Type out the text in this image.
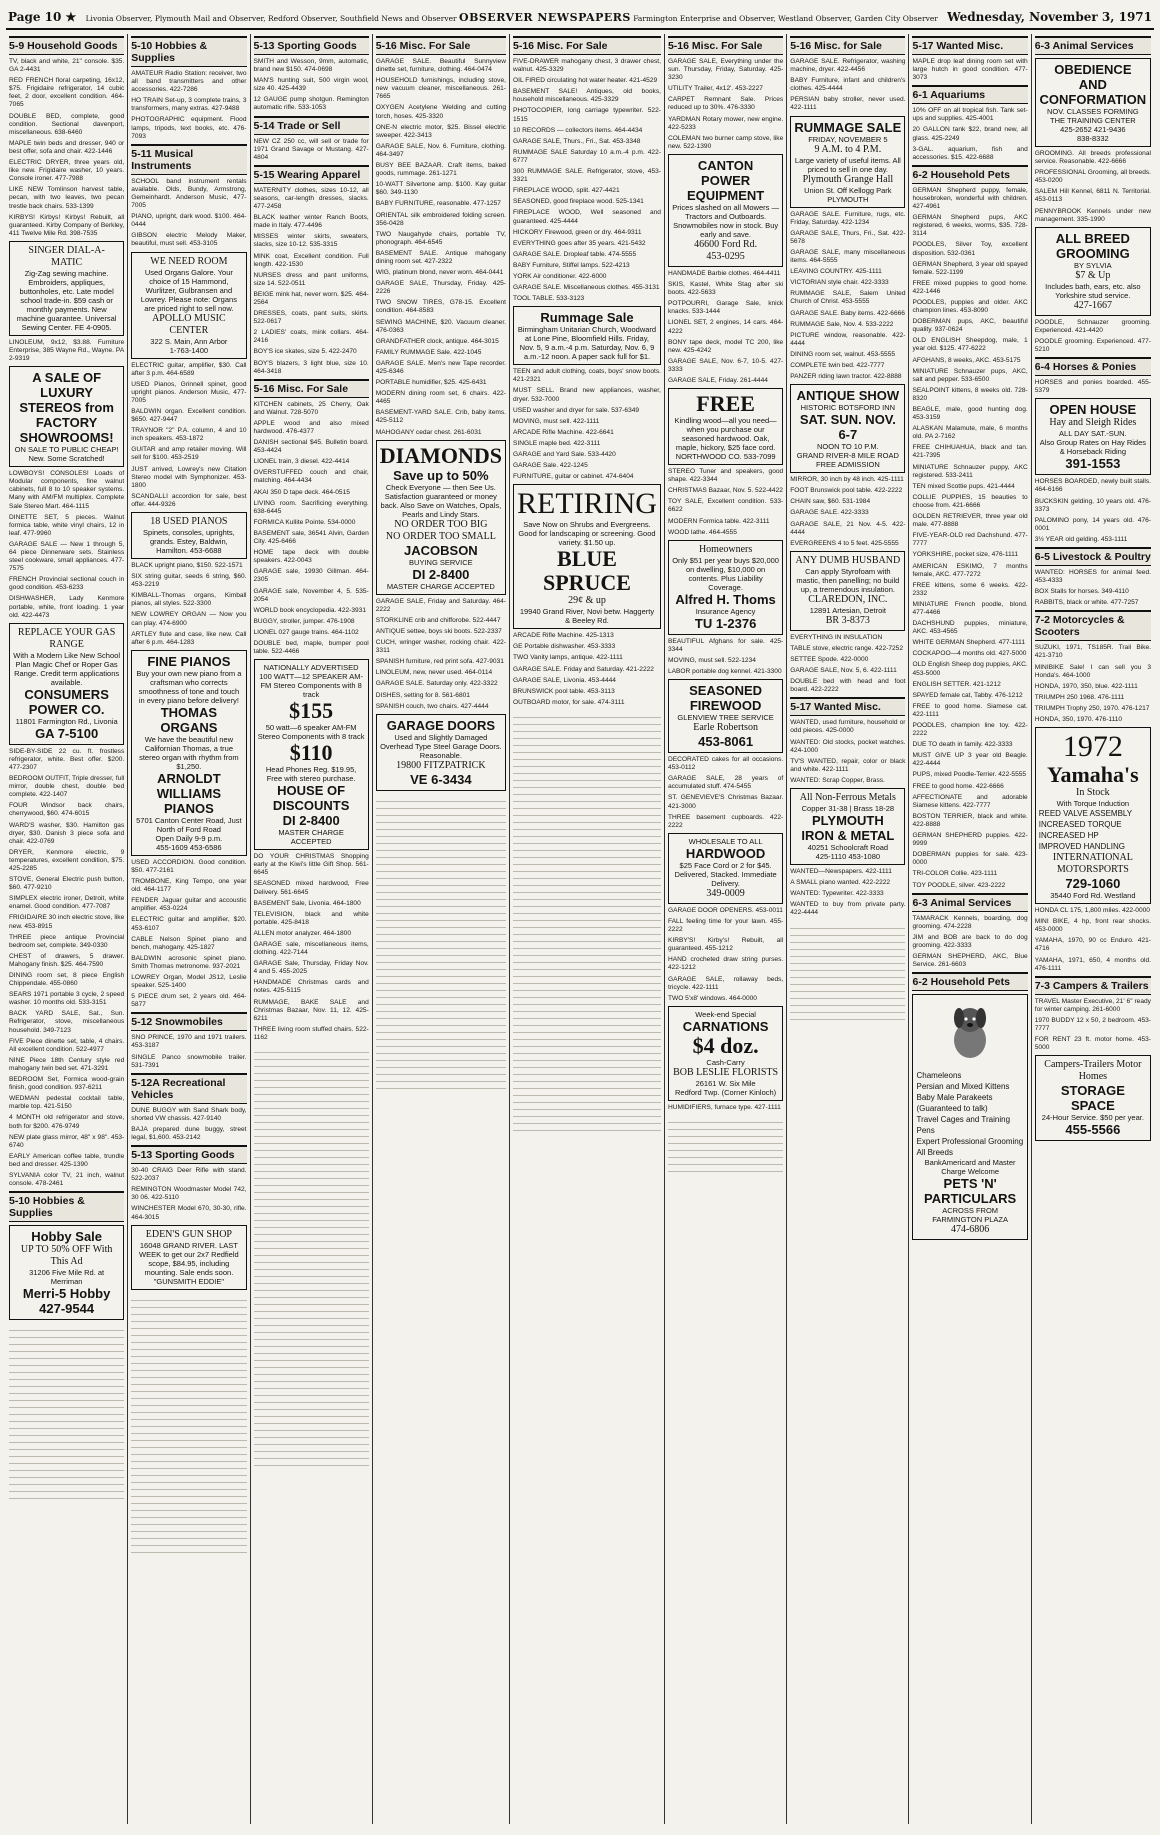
Page 10 ★	Livonia Observer, Plymouth Mail and Observer, Redford Observer, Southfield News and Observer OBSERVER NEWSPAPERS Farmington Enterprise and Observer, Westland Observer, Garden City Observer Wednesday, November 3, 1971
5-9 Household Goods

TV, black and white, 21" console. $35. GA 2-4431

RED FRENCH floral carpeting, 16x12, $75. Frigidaire refrigerator, 14 cubic feet, 2 door, excellent condition. 464-7065

DOUBLE BED, complete, good condition. Sectional davenport, miscellaneous. 638-6460

MAPLE twin beds and dresser, 940 or best offer, sofa and chair. 422-1446

ELECTRIC DRYER, three years old, like new. Frigidaire washer, 10 years. Console ironer. 477-7988

LIKE NEW Tomlinson harvest table, pecan, with two leaves, two pecan trestle back chairs. 533-1399

KIRBYS! Kirbys! Kirbys! Rebuilt, all guaranteed. Kirby Company of Berkley, 411 Twelve Mile Rd. 398-7535

SINGER DIAL-A-MATIC
Zig-Zag sewing machine. Embroiders, appliques, buttonholes, etc. Late model school trade-in. $59 cash or monthly payments. New machine guarantee. Universal Sewing Center. FE 4-0905.

LINOLEUM, 9x12, $3.88. Furniture Enterprise, 385 Wayne Rd., Wayne. PA 2-9319

A SALE OF LUXURY STEREOS from FACTORY SHOWROOMS!
ON SALE TO PUBLIC CHEAP! New. Some Scratched!

LOWBOYS! CONSOLES! Loads of Modular components, fine walnut cabinets, full 8 to 10 speaker systems. Many with AM/FM multiplex. Complete Sale Stereo Mart. 464-1115

DINETTE SET, 5 pieces. Walnut formica table, white vinyl chairs, 12 in leaf. 477-9960

GARAGE SALE — New 1 through 5, 64 piece Dinnerware sets. Stainless steel cookware, small appliances. 477-7575

FRENCH Provincial sectional couch in good condition. 453-6233

DISHWASHER, Lady Kenmore portable, white, front loading. 1 year old. 422-4473

REPLACE YOUR GAS RANGE
With a Modern Like New School Plan Magic Chef or Roper Gas Range. Credit term applications available.
CONSUMERS POWER CO.
11801 Farmington Rd., Livonia
GA 7-5100

SIDE-BY-SIDE 22 cu. ft. frostless refrigerator, white. Best offer. $200. 477-2307

BEDROOM OUTFIT, Triple dresser, full mirror, double chest, double bed complete. 422-1407

FOUR Windsor back chairs, cherrywood, $60. 474-6015

WARD'S washer, $30. Hamilton gas dryer, $30. Danish 3 piece sofa and chair. 422-0769

DRYER, Kenmore electric, 9 temperatures, excellent condition, $75. 425-2285

STOVE, General Electric push button, $60. 477-9210

SIMPLEX electric ironer, Detroit, white enamel. Good condition. 477-7087

FRIGIDAIRE 30 inch electric stove, like new. 453-8915

THREE piece antique Provincial bedroom set, complete. 349-0330

CHEST of drawers, 5 drawer. Mahogany finish. $25. 464-7590

DINING room set, 8 piece English Chippendale. 455-0860

SEARS 1971 portable 3 cycle, 2 speed washer. 10 months old. 533-3151

BACK YARD SALE, Sat., Sun. Refrigerator, stove, miscellaneous household. 349-7123

FIVE Piece dinette set, table, 4 chairs. All excellent condition. 522-4977

NINE Piece 18th Century style red mahogany twin bed set. 471-3291

BEDROOM Set, Formica wood-grain finish, good condition. 937-6211

WEDMAN pedestal cocktail table, marble top. 421-5150

4 MONTH old refrigerator and stove, both for $200. 476-9749

NEW plate glass mirror, 48" x 98". 453-6740

EARLY American coffee table, trundle bed and dresser. 425-1390

SYLVANIA color TV, 21 inch, walnut console. 478-2461

5-10 Hobbies & Supplies
Hobby Sale
UP TO 50% OFF With This Ad
31206 Five Mile Rd. at Merriman
Merri-5 Hobby
427-9544
5-10 Hobbies & Supplies

AMATEUR Radio Station: receiver, two all band transmitters and other accessories. 422-7286

HO TRAIN Set-up, 3 complete trains, 3 transformers, many extras. 427-9488

PHOTOGRAPHIC equipment. Flood lamps, tripods, text books, etc. 476-7093

5-11 Musical Instruments

SCHOOL band instrument rentals available. Olds, Bundy, Armstrong, Gemeinhardt. Anderson Music, 477-7005

PIANO, upright, dark wood. $100. 464-0444

GIBSON electric Melody Maker, beautiful, must sell. 453-3105

WE NEED ROOM
Used Organs Galore. Your choice of 15 Hammond, Wurlitzer, Gulbransen and Lowrey. Please note: Organs are priced right to sell now.
APOLLO MUSIC CENTER
322 S. Main, Ann Arbor
1-763-1400

ELECTRIC guitar, amplifier, $30. Call after 3 p.m. 464-6589

USED Pianos, Grinnell spinet, good upright pianos. Anderson Music, 477-7005

BALDWIN organ. Excellent condition. $650. 427-9447

TRAYNOR "2" P.A. column, 4 and 10 inch speakers. 453-1872

GUITAR and amp retailer moving. Will sell for $100. 453-2519

JUST arrived, Lowrey's new Citation Stereo model with Symphonizer. 453-1800

SCANDALLI accordion for sale, best offer. 444-9326

18 USED PIANOS
Spinets, consoles, uprights, grands. Estey, Baldwin, Hamilton. 453-6688

BLACK upright piano, $150. 522-1571

SIX string guitar, seeds 6 string, $60. 453-2219

KIMBALL-Thomas organs, Kimball pianos, all styles. 522-3300

NEW LOWREY ORGAN — Now you can play. 474-6900

ARTLEY flute and case, like new. Call after 6 p.m. 464-1283

FINE PIANOS
Buy your own new piano from a craftsman who corrects smoothness of tone and touch in every piano before delivery!
THOMAS ORGANS
We have the beautiful new Californian Thomas, a true stereo organ with rhythm from $1,250.
ARNOLDT WILLIAMS PIANOS
5701 Canton Center Road, Just North of Ford Road
Open Daily 9-9 p.m.
455-1609 453-6586

USED ACCORDION. Good condition. $50. 477-2161

TROMBONE, King Tempo, one year old. 464-1177

FENDER Jaguar guitar and accoustic amplifier. 453-0224

ELECTRIC guitar and amplifier, $20. 453-6107

CABLE Nelson Spinet piano and bench, mahogany. 425-1827

BALDWIN acrosonic spinet piano. Smith Thomas metronome. 937-2021

LOWREY Organ, Model JS12, Leslie speaker. 525-1400

5 PIECE drum set, 2 years old. 464-5877

5-12 Snowmobiles

SNO PRINCE, 1970 and 1971 trailers. 453-3187

SINGLE Panco snowmobile trailer. 531-7391

5-12A Recreational Vehicles

DUNE BUGGY with Sand Shark body, shorted VW chassis. 427-9140

BAJA prepared dune buggy, street legal, $1,600. 453-2142

5-13 Sporting Goods

30-40 CRAIG Deer Rifle with stand. 522-2037

REMINGTON Woodmaster Model 742, 30 06. 422-5110

WINCHESTER Model 670, 30-30, rifle. 464-3015

EDEN'S GUN SHOP
16048 GRAND RIVER. LAST WEEK to get our 2x7 Redfield scope, $84.95, including mounting. Sale ends soon.
"GUNSMITH EDDIE"
5-13 Sporting Goods

SMITH and Wesson, 9mm, automatic, brand new $150. 474-0698

MAN'S hunting suit, 500 virgin wool, size 40. 425-4439

12 GAUGE pump shotgun. Remington automatic rifle. 533-1053

5-14 Trade or Sell

NEW CZ 250 cc, will sell or trade for 1971 Grand Savage or Mustang. 427-4804

5-15 Wearing Apparel

MATERNITY clothes, sizes 10-12, all seasons, car-length dresses, slacks. 477-2458

BLACK leather winter Ranch Boots, made in Italy. 477-4496

MISSES winter skirts, sweaters, slacks, size 10-12. 535-3315

MINK coat, Excellent condition. Full length. 422-1530

NURSES dress and pant uniforms, size 14. 522-0511

BEIGE mink hat, never worn. $25. 464-2564

DRESSES, coats, pant suits, skirts. 522-0617

2 LADIES' coats, mink collars. 464-2416

BOY'S ice skates, size 5. 422-2470

BOY'S blazers, 3 light blue, size 10. 464-3418

5-16 Misc. For Sale

KITCHEN cabinets, 25 Cherry, Oak and Walnut. 728-5070

APPLE wood and also mixed hardwood. 476-4377

DANISH sectional $45. Bulletin board. 453-4424

LIONEL train, 3 diesel. 422-4414

OVERSTUFFED couch and chair, matching. 464-4434

AKAI 350 D tape deck. 464-0515

LIVING room. Sacrificing everything. 638-6445

FORMICA Kullite Pointe. 534-0000

BASEMENT sale, 36541 Alvin, Garden City. 425-6466

HOME tape deck with double speakers. 422-0043

GARAGE sale, 19930 Gillman. 464-2305

GARAGE sale, November 4, 5. 535-2054

WORLD book encyclopedia. 422-3931

BUGGY, stroller, jumper. 476-1908

LIONEL 027 gauge trains. 464-1102

DOUBLE bed, maple, bumper pool table. 522-4466

NATIONALLY ADVERTISED
100 WATT—12 SPEAKER AM-FM Stereo Components with 8 track
$155
50 watt—6 speaker AM-FM Stereo Components with 8 track
$110
Head Phones Reg. $19.95, Free with stereo purchase.
HOUSE OF DISCOUNTS
DI 2-8400
MASTER CHARGE ACCEPTED

DO YOUR CHRISTMAS Shopping early at the Kiwi's little Gift Shop. 561-6645

SEASONED mixed hardwood, Free Delivery. 561-6645

BASEMENT Sale, Livonia. 464-1800

TELEVISION, black and white portable. 425-8418

ALLEN motor analyzer. 464-1800

GARAGE sale, miscellaneous items, clothing. 422-7144

GARAGE Sale, Thursday, Friday Nov. 4 and 5. 455-2025

HANDMADE Christmas cards and notes. 425-5115

RUMMAGE, BAKE SALE and Christmas Bazaar, Nov. 11, 12. 425-6211

THREE living room stuffed chairs. 522-1162

5-16 Misc. For Sale

GARAGE SALE. Beautiful Sunnyview dinette set, furniture, clothing. 464-0474

HOUSEHOLD furnishings, including stove, new vacuum cleaner, miscellaneous. 261-7665

OXYGEN Acetylene Welding and cutting torch, hoses. 425-3320

ONE-N electric motor, $25. Bissel electric sweeper. 422-3413

GARAGE SALE, Nov. 6. Furniture, clothing. 464-3497

BUSY BEE BAZAAR. Craft items, baked goods, rummage. 261-1271

10-WATT Silvertone amp. $100. Kay guitar $60. 349-1130

BABY FURNITURE, reasonable. 477-1257

ORIENTAL silk embroidered folding screen. 356-0428

TWO Naugahyde chairs, portable TV, phonograph. 464-6545

BASEMENT SALE. Antique mahogany dining room set. 427-2322

WIG, platinum blond, never worn. 464-0441

GARAGE SALE, Thursday, Friday. 425-2226

TWO SNOW TIRES, G78-15. Excellent condition. 464-8583

SEWING MACHINE, $20. Vacuum cleaner. 476-0363

GRANDFATHER clock, antique. 464-3015

FAMILY RUMMAGE Sale. 422-1045

GARAGE SALE. Men's new Tape recorder. 425-6346

PORTABLE humidifier, $25. 425-6431

MODERN dining room set, 6 chairs. 422-4465

BASEMENT-YARD SALE. Crib, baby items. 425-5112

MAHOGANY cedar chest. 261-6031

DIAMONDS
Save up to 50%
Check Everyone — then See Us. Satisfaction guaranteed or money back. Also Save on Watches, Opals, Pearls and Lindy Stars.
NO ORDER TOO BIG
NO ORDER TOO SMALL
JACOBSON
BUYING SERVICE
DI 2-8400
MASTER CHARGE ACCEPTED

GARAGE SALE, Friday and Saturday. 464-2222

STORKLINE crib and chifforobe. 522-4447

ANTIQUE settee, boys ski boots. 522-2337

CUCH, wringer washer, rocking chair. 422-3311

SPANISH furniture, red print sofa. 427-9031

LINOLEUM, new, never used. 464-0114

GARAGE SALE. Saturday only. 422-3322

DISHES, setting for 8. 561-6801

SPANISH couch, two chairs. 427-4444

GARAGE DOORS
Used and Slightly Damaged Overhead Type Steel Garage Doors. Reasonable.
19800 FITZPATRICK
VE 6-3434
5-16 Misc. For Sale

FIVE-DRAWER mahogany chest, 3 drawer chest, walnut. 425-3329

OIL FIRED circulating hot water heater. 421-4529

BASEMENT SALE! Antiques, old books, household miscellaneous. 425-3329

PHOTOCOPIER, long carriage typewriter. 522-1515

10 RECORDS — collectors items. 464-4434

GARAGE SALE, Thurs., Fri., Sat. 453-3348

RUMMAGE SALE Saturday 10 a.m.-4 p.m. 422-6777

300 RUMMAGE SALE. Refrigerator, stove, 453-3321

FIREPLACE WOOD, split. 427-4421

SEASONED, good fireplace wood. 525-1341

FIREPLACE WOOD, Well seasoned and guaranteed. 425-4444

HICKORY Firewood, green or dry. 464-9311

EVERYTHING goes after 35 years. 421-5432

GARAGE SALE. Dropleaf table. 474-5555

BABY Furniture, Stiffel lamps. 522-4213

YORK Air conditioner. 422-6000

GARAGE SALE. Miscellaneous clothes. 455-3131

TOOL TABLE. 533-3123

Rummage Sale
Birmingham Unitarian Church, Woodward at Lone Pine, Bloomfield Hills. Friday, Nov. 5, 9 a.m.-4 p.m. Saturday, Nov. 6, 9 a.m.-12 noon. A paper sack full for $1.

TEEN and adult clothing, coats, boys' snow boots. 421-2321

MUST SELL. Brand new appliances, washer, dryer. 532-7000

USED washer and dryer for sale. 537-6349

MOVING, must sell. 422-1111

ARCADE Rifle Machine. 422-6641

SINGLE maple bed. 422-3111

GARAGE and Yard Sale. 533-4420

GARAGE Sale. 422-1245

FURNITURE, guitar or cabinet. 474-6404

RETIRING
Save Now on Shrubs and Evergreens. Good for landscaping or screening. Good variety. $1.50 up.
BLUE SPRUCE
29¢ & up
19940 Grand River, Novi betw. Haggerty & Beeley Rd.

ARCADE Rifle Machine. 425-1313

GE Portable dishwasher. 453-3333

TWO Vanity lamps, antique. 422-1111

GARAGE SALE. Friday and Saturday. 421-2222

GARAGE SALE, Livonia. 453-4444

BRUNSWICK pool table. 453-3113

OUTBOARD motor, for sale. 474-3111

5-16 Misc. For Sale

GARAGE SALE, Everything under the sun. Thursday, Friday, Saturday. 425-3230

UTILITY Trailer, 4x12'. 453-2227

CARPET Remnant Sale. Prices reduced up to 30%. 476-3330

YARDMAN Rotary mower, new engine. 422-5233

COLEMAN two burner camp stove, like new. 522-1390

CANTON POWER EQUIPMENT
Prices slashed on all Mowers — Tractors and Outboards. Snowmobiles now in stock. Buy early and save.
46600 Ford Rd.
453-0295

HANDMADE Barbie clothes. 464-4411

SKIS, Kastel, White Stag after ski boots. 422-5633

POTPOURRI, Garage Sale, knick knacks. 533-1444

LIONEL SET, 2 engines, 14 cars. 464-4222

BONY tape deck, model TC 200, like new. 425-4242

GARAGE SALE, Nov. 6-7, 10-5. 427-3333

GARAGE SALE, Friday. 261-4444

FREE
Kindling wood—all you need—when you purchase our seasoned hardwood. Oak, maple, hickory, $25 face cord.
NORTHWOOD CO. 533-7099

STEREO Tuner and speakers, good shape. 422-3344

CHRISTMAS Bazaar, Nov. 5. 522-4422

TOY SALE, Excellent condition. 533-6622

MODERN Formica table. 422-3111

WOOD lathe. 464-4555

Homeowners
Only $51 per year buys $20,000 on dwelling, $10,000 on contents. Plus Liability Coverage.
Alfred H. Thoms
Insurance Agency
TU 1-2376

BEAUTIFUL Afghans for sale. 425-3344

MOVING, must sell. 522-1234

LABOR portable dog kennel. 421-3300

SEASONED FIREWOOD
GLENVIEW TREE SERVICE
Earle Robertson
453-8061

DECORATED cakes for all occasions. 453-0112

GARAGE SALE, 28 years of accumulated stuff. 474-5455

ST. GENEVIEVE'S Christmas Bazaar. 421-3000

THREE basement cupboards. 422-2222

WHOLESALE TO ALL
HARDWOOD
$25 Face Cord or 2 for $45. Delivered, Stacked. Immediate Delivery.
349-0009

GARAGE DOOR OPENERS. 453-0011

FALL feeling time for your lawn. 455-2222

KIRBY'S! Kirby's! Rebuilt, all guaranteed. 455-1212

HAND crocheted draw string purses. 422-1212

GARAGE SALE, rollaway beds, tricycle. 422-1111

TWO 5'x8' windows. 464-0000

Week-end Special
CARNATIONS
$4 doz.
Cash-Carry
BOB LESLIE FLORISTS
26161 W. Six Mile
Redford Twp. (Corner Kinloch)

HUMIDIFIERS, furnace type. 427-1111

5-16 Misc. for Sale

GARAGE SALE. Refrigerator, washing machine, dryer. 422-4456

BABY Furniture, infant and children's clothes. 425-4444

PERSIAN baby stroller, never used. 422-1111

RUMMAGE SALE
FRIDAY, NOVEMBER 5
9 A.M. to 4 P.M.
Large variety of useful items. All priced to sell in one day.
Plymouth Grange Hall
Union St. Off Kellogg Park
PLYMOUTH

GARAGE SALE. Furniture, rugs, etc. Friday, Saturday. 422-1234

GARAGE SALE, Thurs, Fri., Sat. 422-5678

GARAGE SALE, many miscellaneous items. 464-5555

LEAVING COUNTRY. 425-1111

VICTORIAN style chair. 422-3333

RUMMAGE SALE, Salem United Church of Christ. 453-5555

GARAGE SALE. Baby items. 422-6666

RUMMAGE Sale, Nov. 4. 533-2222

PICTURE window, reasonable. 422-4444

DINING room set, walnut. 453-5555

COMPLETE twin bed. 422-7777

PANZER riding lawn tractor. 422-8888

ANTIQUE SHOW
HISTORIC BOTSFORD INN
SAT. SUN. NOV. 6-7
NOON TO 10 P.M.
GRAND RIVER-8 MILE ROAD
FREE ADMISSION

MIRROR, 30 inch by 48 inch. 425-1111

FOOT Brunswick pool table. 422-2222

CHAIN saw, $60. 531-1984

GARAGE SALE. 422-3333

GARAGE SALE, 21 Nov. 4-5. 422-4444

EVERGREENS 4 to 5 feet. 425-5555

ANY DUMB HUSBAND
Can apply Styrofoam with mastic, then panelling; no build up, a tremendous insulation.
CLAREDON, INC.
12891 Artesian, Detroit
BR 3-8373

EVERYTHING IN INSULATION

TABLE stove, electric range. 422-7252

SETTEE Spode. 422-0000

GARAGE SALE, Nov. 5, 6. 422-1111

DOUBLE bed with head and foot board. 422-2222

5-17 Wanted Misc.

WANTED, used furniture, household or odd pieces. 425-0000

WANTED: Old stocks, pocket watches. 424-1000

TV'S WANTED, repair, color or black and white. 422-1111

WANTED: Scrap Copper, Brass.

All Non-Ferrous Metals
Copper 31-38 | Brass 18-28
PLYMOUTH IRON & METAL
40251 Schoolcraft Road
425-1110 453-1080

WANTED—Newspapers. 422-1111

A SMALL piano wanted. 422-2222

WANTED: Typewriter. 422-3333

WANTED to buy from private party. 422-4444

5-17 Wanted Misc.

MAPLE drop leaf dining room set with large hutch in good condition. 477-3073

6-1 Aquariums

10% OFF on all tropical fish. Tank set-ups and supplies. 425-4001

20 GALLON tank $22, brand new, all glass. 425-2249

3-GAL. aquarium, fish and accessories. $15. 422-6688

6-2 Household Pets

GERMAN Shepherd puppy, female, housebroken, wonderful with children. 427-4961

GERMAN Shepherd pups, AKC registered, 6 weeks, worms, $35. 728-3114

POODLES, Silver Toy, excellent disposition. 532-0361

GERMAN Shepherd, 3 year old spayed female. 522-1199

FREE mixed puppies to good home. 422-1446

POODLES, puppies and older. AKC champion lines. 453-8090

DOBERMAN pups, AKC, beautiful quality. 937-0624

OLD ENGLISH Sheepdog, male, 1 year old. $125. 477-6222

AFGHANS, 8 weeks, AKC. 453-5175

MINIATURE Schnauzer pups, AKC, salt and pepper. 533-6500

SEALPOINT kittens, 8 weeks old. 728-8320

BEAGLE, male, good hunting dog. 453-3159

ALASKAN Malamute, male, 6 months old. PA 2-7162

FREE CHIHUAHUA, black and tan. 421-7395

MINIATURE Schnauzer puppy, AKC registered. 533-2411

TEN mixed Scottie pups. 421-4444

COLLIE PUPPIES, 15 beauties to choose from. 421-6666

GOLDEN RETRIEVER, three year old male. 477-8888

FIVE-YEAR-OLD red Dachshund. 477-7777

YORKSHIRE, pocket size, 476-1111

AMERICAN ESKIMO, 7 months female, AKC. 477-7272

FREE kittens, some 6 weeks. 422-2332

MINIATURE French poodle, blond. 477-4466

DACHSHUND puppies, miniature, AKC. 453-4565

WHITE GERMAN Shepherd. 477-1111

COCKAPOO—4 months old. 427-5000

OLD English Sheep dog puppies, AKC. 453-5000

ENGLISH SETTER. 421-1212

SPAYED female cat, Tabby. 476-1212

FREE to good home. Siamese cat. 422-1111

POODLES, champion line toy. 422-2222

DUE TO death in family. 422-3333

MUST GIVE UP 3 year old Beagle. 422-4444

PUPS, mixed Poodle-Terrier. 422-5555

FREE to good home. 422-6666

AFFECTIONATE and adorable Siamese kittens. 422-7777

BOSTON TERRIER, black and white. 422-8888

GERMAN SHEPHERD puppies. 422-9999

DOBERMAN puppies for sale. 423-0000

TRI-COLOR Collie. 423-1111

TOY POODLE, silver. 423-2222

6-3 Animal Services

TAMARACK Kennels, boarding, dog grooming. 474-2228

JIM and BOB are back to do dog grooming. 422-3333

GERMAN SHEPHERD, AKC, Blue Service. 261-6603

6-2 Household Pets
Chameleons
Persian and Mixed Kittens
Baby Male Parakeets (Guaranteed to talk)
Travel Cages and Training Pens
Expert Professional Grooming All Breeds
BankAmericard and Master Charge Welcome
PETS 'N' PARTICULARS
ACROSS FROM FARMINGTON PLAZA
474-6806
6-3 Animal Services
OBEDIENCE AND CONFORMATION
NOV. CLASSES FORMING
THE TRAINING CENTER
425-2652 421-9436
838-8332

GROOMING. All breeds professional service. Reasonable. 422-6666

PROFESSIONAL Grooming, all breeds. 453-0200

SALEM Hill Kennel, 6811 N. Territorial. 453-0113

PENNYBROOK Kennels under new management. 335-1990

ALL BREED GROOMING
BY SYLVIA
$7 & Up
Includes bath, ears, etc. also Yorkshire stud service.
427-1667

POODLE, Schnauzer grooming. Experienced. 421-4420

POODLE grooming. Experienced. 477-5210

6-4 Horses & Ponies

HORSES and ponies boarded. 455-5379

OPEN HOUSE
Hay and Sleigh Rides
ALL DAY SAT.-SUN.
Also Group Rates on Hay Rides & Horseback Riding
391-1553

HORSES BOARDED, newly built stalls. 464-6166

BUCKSKIN gelding, 10 years old. 476-3373

PALOMINO pony, 14 years old. 476-0001

3½ YEAR old gelding. 453-1111

6-5 Livestock & Poultry

WANTED: HORSES for animal feed. 453-4333

BOX Stalls for horses. 349-4110

RABBITS, black or white. 477-7257

7-2 Motorcycles & Scooters

SUZUKI, 1971, TS185R. Trail Bike. 421-3710

MINIBIKE Sale! I can sell you 3 Honda's. 464-1000

HONDA, 1970, 350, blue. 422-1111

TRIUMPH 250 1968. 476-1111

TRIUMPH Trophy 250, 1970. 476-1217

HONDA, 350, 1970. 476-1110

1972
Yamaha's
In Stock
With Torque Induction
REED VALVE ASSEMBLY
INCREASED TORQUE
INCREASED HP
IMPROVED HANDLING
INTERNATIONAL MOTORSPORTS
729-1060
35440 Ford Rd. Westland

HONDA CL 175, 1,800 miles. 422-0000

MINI BIKE, 4 hp, front rear shocks. 453-0000

YAMAHA, 1970, 90 cc Enduro. 421-4716

YAMAHA, 1971, 650, 4 months old. 476-1111

7-3 Campers & Trailers

TRAVEL Master Executive, 21' 6" ready for winter camping. 261-6000

1970 BUDDY 12 x 50, 2 bedroom. 453-7777

FOR RENT 23 ft. motor home. 453-5000

Campers-Trailers Motor Homes
STORAGE SPACE
24-Hour Service. $50 per year.
455-5566
